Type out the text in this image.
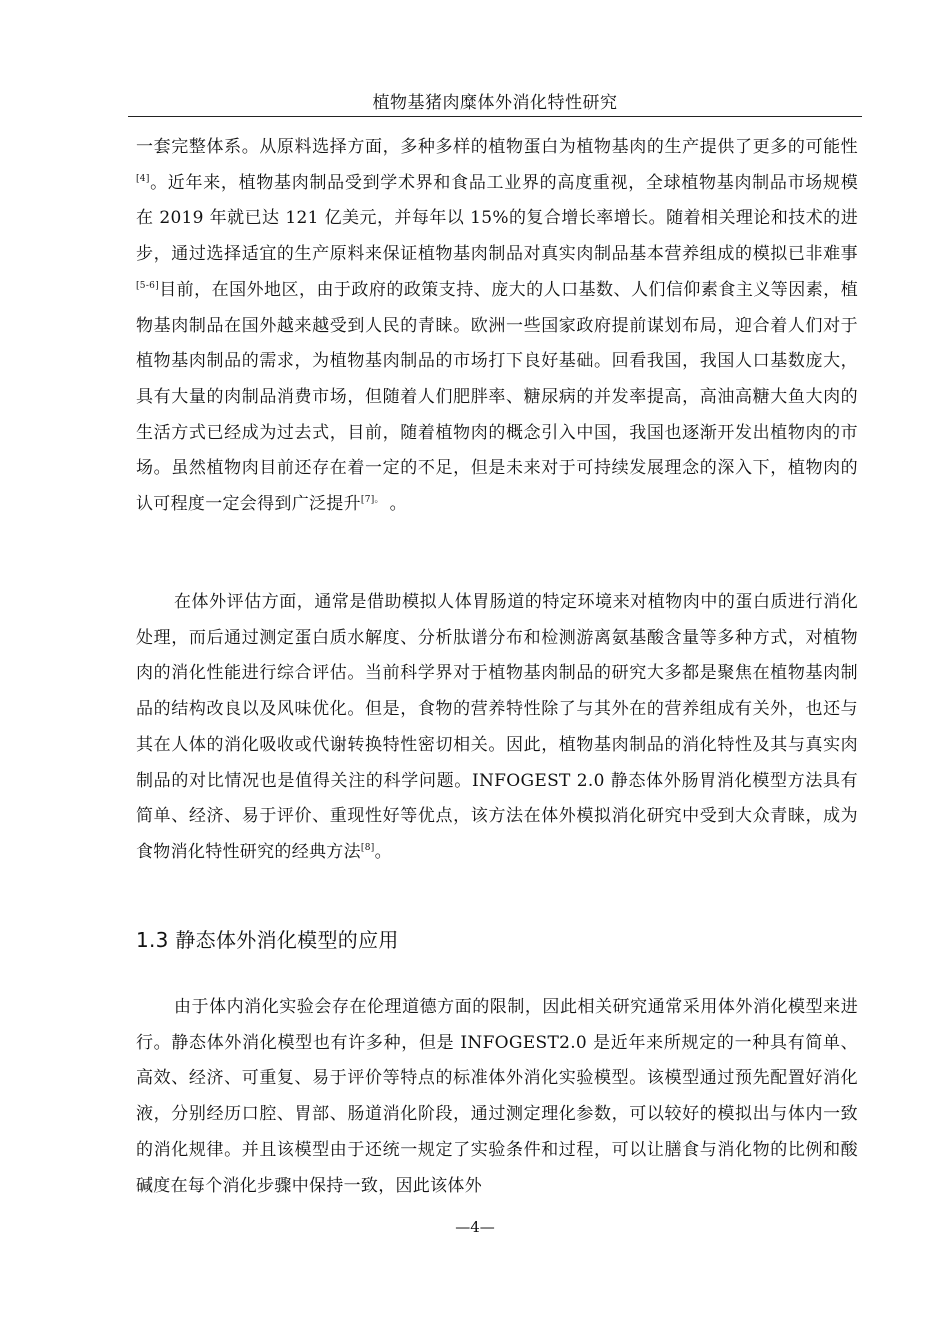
植物基猪肉糜体外消化特性研究

一套完整体系。从原料选择方面，多种多样的植物蛋白为植物基肉的生产提供了更多的可能性[4]。近年来，植物基肉制品受到学术界和食品工业界的高度重视，全球植物基肉制品市场规模在 2019 年就已达 121 亿美元，并每年以 15%的复合增长率增长。随着相关理论和技术的进步，通过选择适宜的生产原料来保证植物基肉制品对真实肉制品基本营养组成的模拟已非难事[5-6]目前，在国外地区，由于政府的政策支持、庞大的人口基数、人们信仰素食主义等因素，植物基肉制品在国外越来越受到人民的青睐。欧洲一些国家政府提前谋划布局，迎合着人们对于植物基肉制品的需求，为植物基肉制品的市场打下良好基础。回看我国，我国人口基数庞大，具有大量的肉制品消费市场，但随着人们肥胖率、糖尿病的并发率提高，高油高糖大鱼大肉的生活方式已经成为过去式，目前，随着植物肉的概念引入中国，我国也逐渐开发出植物肉的市场。虽然植物肉目前还存在着一定的不足，但是未来对于可持续发展理念的深入下，植物肉的认可程度一定会得到广泛提升$^{[7]。}$ 。

在体外评估方面，通常是借助模拟人体胃肠道的特定环境来对植物肉中的蛋白质进行消化处理，而后通过测定蛋白质水解度、分析肽谱分布和检测游离氨基酸含量等多种方式，对植物肉的消化性能进行综合评估。当前科学界对于植物基肉制品的研究大多都是聚焦在植物基肉制品的结构改良以及风味优化。但是，食物的营养特性除了与其外在的营养组成有关外，也还与其在人体的消化吸收或代谢转换特性密切相关。因此，植物基肉制品的消化特性及其与真实肉制品的对比情况也是值得关注的科学问题。INFOGEST 2.0 静态体外肠胃消化模型方法具有简单、经济、易于评价、重现性好等优点，该方法在体外模拟消化研究中受到大众青睐，成为食物消化特性研究的经典方法[8]。

1.3 静态体外消化模型的应用

由于体内消化实验会存在伦理道德方面的限制，因此相关研究通常采用体外消化模型来进行。静态体外消化模型也有许多种，但是 INFOGEST2.0 是近年来所规定的一种具有简单、高效、经济、可重复、易于评价等特点的标准体外消化实验模型。该模型通过预先配置好消化液，分别经历口腔、胃部、肠道消化阶段，通过测定理化参数，可以较好的模拟出与体内一致的消化规律。并且该模型由于还统一规定了实验条件和过程，可以让膳食与消化物的比例和酸碱度在每个消化步骤中保持一致，因此该体外

—4—
